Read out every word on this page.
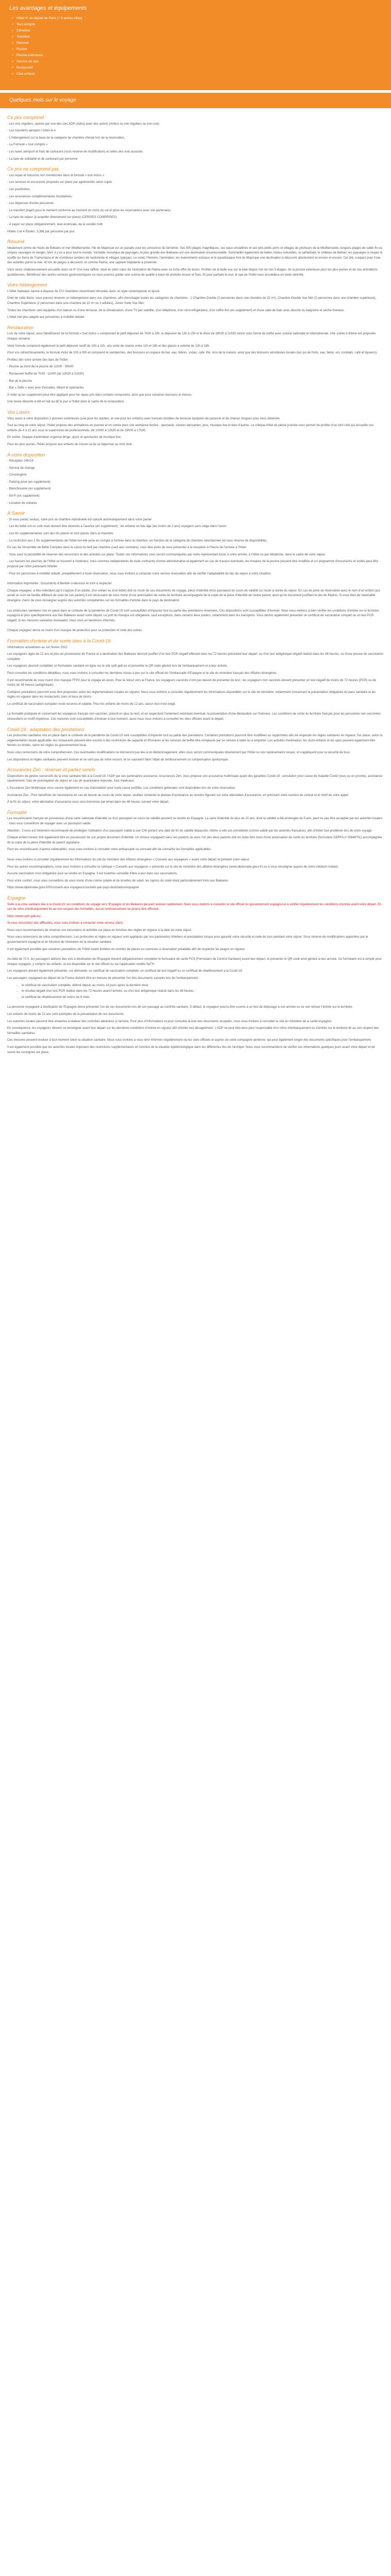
Les avantages et équipements
✓ Hôtel 4* au départ de Paris (+ 9 autres villes)
✓ Tout compris
✓ Climatisé
✓ Transfert
✓ Pension
✓ Piscine
✓ Piscine extérieure
✓ Service de spa
✓ Restaurant
✓ Club enfants
Quelques mots sur le voyage
Ce prix comprend

- Les vols réguliers, opérés par une des cies ADP (Adria) avec des avions (Airbus ou non réguliers ou low cost)

- Les transferts aéroport / hôtel et A

- L'hébergement sur la base de la catégorie de chambre choisie lors de la réservation,

- La Formule « tout compris »

- Les taxes aéroport et frais de carburant (sous réserve de modification) et celles des vols associés

- La taxe de solidarité et de carburant par personne

Ce prix ne comprend pas

- Les repas et boissons non mentionnés dans la formule « tout inclus »

- Les services et excursions proposés sur place par agrémentés selon sujets

- Les pourboires,

- Les assurances complémentaires facultatives,

- Les dépenses d'ordre personnel,

- Le transfert (trajet) pour le moment conforme au moment du choix du vol et prise les réservations avec son partenaire,

- La taxe de séjour (à acquitter directement sur place) (CERISES COMPRISES)

- À payer sur place obligatoirement, taxe écolocale, de la société mdit

Hôtels 3 et 4 Étoiles: 3,39€ par personne par jour

Résumé

Idéalement (entre de Hauts de Bobains et mer Méditerranée, l'île de Majorque est un paradis pour les amoureux du farniente. Ses 500 plages magnifiques, ses eaux cristallines et ses jolis petits ports et villages de pêcheurs de la Méditerranée, longues plages de sable fin ou criques sauvages et vierges, bref, il y en a pour tout le monde. Véritable mosaïque de paysages, la plus grande des Baléares est une destination incontournable. Sommeiller également de belles visites culturelles, la cathédrale, le château de Bellver, les paysages à couper le souffle du Serra de Tramuntana et de nombreux sentiers de randonnée et villages typiques. Le soleil, l'histoire, l'animation, les événements estivaux et le paradisiaque font de Majorque une destination à découvrir absolument et encore et encore. Cet été, craquez pour l'une des activités parmi la mer, 40 km de plages à découvrir, et comme Palma, une capitale trépidante à proximité.

Vous serez chaleureusement accueillis dans ce 4* d'un luxe raffiné, situé en plein cœur de l'animation de Palma avec sa riche offre de loisirs. Profitez de la belle vue sur la baie depuis l'un de nos 5 étages, de la piscine extérieure pour les plus jeunes et de nos animations quotidiennes. Bénéficiez des autres services gastronomiques où vous pourrez goûter une cuisine de qualité à base de produits locaux et frais. Et pour parfaire le tout, le spa de l'hôtel vous accueillera en toute sérénité.

Votre hébergement

L'hôtel Saboabo Jaume à dispose de 372 chambres récemment rénovées dans un style contemporain et épuré.

Doté de cette literie, vous pouvez réserver un hébergement dans nos chambres, afin d'envisager toutes les catégories de chambres : 1 Chambre Double (2 personnes dans une chambre de 22 m²), Chambre Double Vue Mer (2 personnes dans une chambre supérieure), Chambre Supérieure (2 personnes dans une chambre de 22 m² ou 3 adultes), Junior Suite Vue Mer.

Toutes les chambres sont équipées d'un balcon ou d'une terrasse, de la climatisation, d'une TV par satellite, d'un téléphone, d'un mini-réfrigérateur, d'un coffre-fort (en supplément) et d'une salle de bain avec douche ou baignoire et sèche-cheveux.

L'hôtel met peu adapté aux personnes à mobilité réduite.

Restauration

Lors de votre séjour, vous bénéficierez de la formule « tout inclus » comprenant le petit déjeuner de 7h30 à 10h, le déjeuner de 13h à 15h et le dîner de 19h30 à 21h30 servis sous forme de buffet avec cuisine nationale et internationale. Une soirée à thème est proposée chaque semaine.

Votre formule comprend également le petit déjeuner tardif de 10h à 11h, une sorte de snacks entre 11h et 18h et des glaces à volonté de 12h à 18h.

Pour vos rafraîchissements, la formule inclut de 10h à 00h et comprend le sandwiches, des boissons en espace du bar, eau, bières, sodas, café, thé, vins de la maison, ainsi que des boissons alcoolisées locales (les jus de fruits, eau, bière, vin, cocktails, café et liqueurs).

Profitez dès votre arrivée des bars de l'hôtel :

- Piscine au bord de la piscine de 11h00 - 00h00

- Restaurant buffet de 7h30 - 11h00 (de 13h30 à 21h30)

- Bar de la piscine

- Bar « Sello » avec jeux d'arcades, billard et spectacles

À noter qu'un supplément peut être appliqué pour les repas pris dans certains restaurants, ainsi que pour certaines boissons et menus.

Une tenue décente à été en fait au dit le jour à l'hôtel dans le cadre de la restauration.

Vos Loisirs

Vous aurez à votre disposition 2 piscines extérieures (une pour les adultes, et une pour les enfants) avec transats bordées de terrasse équipées de parasols et de chaises longues pour vous détendre.

Tout au long de votre séjour, l'hôtel propose des animations en journée et en soirée pour une ambiance festive : spectacle, soirées dansantes, jeux, musique live et bien d'autres. Le chèque-hôtel de pleine journée vous permet de profiter d'un mini club qui accueille vos enfants de 4 à 12 ans sous la supervision de professionnels, de 10h00 à 12h30 et de 15h00 à 17h30.

En soirée, l'équipe d'animation organise bingo, quizz et spectacles de musique live.

Pour les plus jeunes, l'hôtel propose aux enfants de trouver et de se dépenser au mini club.

À votre disposition

- Réception 24h/24

- Service de change

- Conciergerie

- Parking privé (en supplément)

- Blanchisserie (en supplément)

- Wi-Fi (en supplément)

- Location de voitures

À Savoir

- Si vous partez seul(e), votre prix se chambre individuelle est calculé automatiquement dans votre panier

- Les lits bébé ont un coût mais doivent être réservés à l'avance (en supplément) ; les enfants en bas âge (les moins de 2 ans) voyagent sans siège dans l'avion

- Les lits supplémentaires sont des lits pliants et sont placés dans la chambre

- La restriction aux 2 lits supplémentaires de l'hôtel est-elle prise en compte à l'entrée dans la chambre, en fonction de la catégorie de chambre sélectionnée (et sous réserve de disponibilité).

En cas de l'ensemble de Bébé Comptés dans le calcul du tarif par chambre (sauf avis contraire), vous êtes priés de vous présenter à la réception à l'heure de l'arrivée à l'hôtel.

- Vous avez la possibilité de réserver des excursions et des activités sur place. Toutes ces informations vous seront communiquées par notre représentant local, à votre arrivée, à l'hôtel ou par téléphone, dans le cadre de votre séjour.

- Les bassins les piscines de l'hôtel se trouvent à l'extérieur, nous sommes indépendants de toute contrainte d'ordre administrative et également en cas de travaux éventuels, les horaires de la piscine peuvent être modifiés et un programme d'excursions et visites peut être proposé par notre partenaire hôtelier.

- Pour les personnes à mobilité réduite, préalablement à toute réservation, nous vous invitons à contacter notre service réservation afin de vérifier l'adaptabilité du lieu de séjour à votre situation.

Information importante : Documents d'identité ci-dessous et sont à respecter

Chaque voyageur, à titre individuel (qu'il s'agisse d'un adulte, d'un enfant ou d'un bébé) doit se munir de ses documents de voyage, pièce d'identité et/ou passeport en cours de validité sur toute la durée du séjour. En cas de prise de réservation avec le nom d'un enfant (qui aurait un nom de famille différent de celui de son parent) il est nécessaire de vous munir d'une autorisation de sortie de territoire accompagnée de la copie de la pièce d'identité de l'autre parent, ainsi qu'un document justifiant le lien de filiation. Si vous êtes de nationalité étrangère, merci de vous renseigner auprès des autorités compétentes sur les formalités d'entrée dans le pays de destination.

Les protocoles sanitaires mis en place dans le contexte de la pandémie de Covid-19 sont susceptibles d'impacter tout ou partie des prestations réservées. Ces dispositions sont susceptibles d'évoluer. Nous vous invitons à bien vérifier les conditions d'entrée sur le territoire espagnol et plus spécifiquement aux îles Baléares avant votre départ. Le port du masque est obligatoire, sauf exceptions, dans certains lieux publics, notamment dans les transports. Vous devrez également présenter un certificat de vaccination complet ou un test PCR négatif. Si les mesures sanitaires évoluaient, nous vous en tiendrions informés.

Chaque voyageur devra se munir d'un masque de protection pour sa protection et celle des autres.

Formalités d'entrée et de sortie liées à la Covid-19

Informations actualisées au 1er février 2022

Les voyageurs âgés de 12 ans et plus en provenance de France et à destination des Baléares devront justifier d'un test PCR négatif effectué dans les 72 heures précédant leur départ, ou d'un test antigénique négatif réalisé dans les 48 heures, ou d'une preuve de vaccination complète.

Les voyageurs devront compléter un formulaire sanitaire en ligne sur le site spth.gob.es et présenter le QR code généré lors de l'embarquement et à leur arrivée.

Pour consulter les conditions détaillées, nous vous invitons à consulter les dernières mises à jour sur le site officiel de l'Ambassade d'Espagne et le site du ministère français des Affaires étrangères.

Il est recommandé de vous munir d'un masque FFP2 pour le voyage en avion. Pour le retour vers la France, les voyageurs vaccinés n'ont pas besoin de présenter de test ; les voyageurs non vaccinés doivent présenter un test négatif de moins de 72 heures (PCR) ou de moins de 48 heures (antigénique).

Certaines prestations pourront vous être proposées selon les réglementations locales en vigueur. Nous vous invitons à consulter régulièrement les informations disponibles sur le site du ministère, notamment concernant la présentation obligatoire du pass sanitaire et les règles en vigueur dans les restaurants, bars et lieux de loisirs.

Le certificat de vaccination européen reste reconnu et valable. Pour les enfants de moins de 12 ans, aucun test n'est exigé.

La formalité pratiquée et concernant les voyageurs français non vaccinés, prévoit en plus du test, et en respectant l'isolement volontaire éventuel, la présentation d'une déclaration sur l'honneur. Les conditions de sortie du territoire français pour les personnes non vaccinées nécessitent un motif impérieux. Ces mesures sont susceptibles d'évoluer à tout moment, aussi nous vous invitons à consulter les sites officiels avant le départ.

Covid-19 : adaptation des prestations

Les protocoles sanitaires mis en place dans le contexte de la pandémie de Covid-19 sont susceptibles d'impacter tout ou partie des prestations. Certaines prestations pourront être modifiées ou supprimées afin de respecter les règles sanitaires en vigueur. Sur place, selon la réglementation locale applicable, les restaurants peuvent être soumis à des restrictions de capacité et d'horaires et les services de buffet être remplacés par un service à table ou à emporter. Les activités d'animation, les clubs enfants et les spas peuvent également être fermés ou limités, selon les règles du gouvernement local.

Nous vous remercions de votre compréhension. Ces éventuelles modifications ne donneront pas lieu à un dédommagement, elles vous seront communiquées directement par l'hôtel ou nos représentants locaux, et s'appliquent pour la sécurité de tous.

Les dispositions et règles sanitaires peuvent évoluer et ne sont pas de notre ressort, et ne sauraient faire l'objet de remboursement ou compensation quelconque.

Assurances Zen : réserver et partez serein

Dispositions de gestes successifs de la crise sanitaire liée à la Covid-19, l'ADP par ses partenaires assurance, Assurances Zen, vous propose une assurance multirisque ayant des garanties Covid-19 : annulation pour cause de maladie Covid (vous ou un proche), assistance rapatriement, frais de prolongation de séjour en cas de quarantaine imposée, frais médicaux.

L'Assurance Zen Multirisque vous couvre également en cas d'annulation pour toute cause justifiée. Les conditions générales sont disponibles lors de votre réservation.

Assistance Zen : Pour bénéficier de l'assistance en cas de besoin au cours de votre séjour, veuillez contacter le plateau d'assistance au numéro figurant sur votre attestation d'assurance, en précisant votre numéro de contrat et le motif de votre appel.

À la fin du séjour, votre attestation d'assurance vous sera transmise par email dans les 48 heures suivant votre départ.

Formalité

Les ressortissants français en possession d'une carte nationale d'identité ou d'un passeport en cours de validité peuvent se rendre en Espagne. La carte d'identité de plus de 10 ans, dont la validité a été prolongée de 5 ans, peut ne pas être acceptée par les autorités locales ; nous vous conseillons de voyager avec un passeport valide.

Attention : il vous est fortement recommandé de privilégier l'utilisation d'un passeport valide à une CNI portant une date de fin de validité dépassée, même si elle est considérée comme valide par les autorités françaises, afin d'éviter tout problème lors de votre voyage.

Chaque enfant mineur doit également être en possession de son propre document d'identité. Un mineur voyageant sans ses parents ou avec l'un des deux parents doit en outre être muni d'une autorisation de sortie du territoire (formulaire CERFA n°15646*01) accompagnée de la copie de la pièce d'identité du parent signataire.

Pour les ressortissants d'autres nationalités, nous vous invitons à consulter votre ambassade ou consulat afin de connaître les formalités applicables.

Nous vous invitons à consulter régulièrement les informations du site du ministère des Affaires étrangères « Conseils aux voyageurs » avant votre départ et pendant votre séjour.

Pour les autres recommandations, nous vous invitons à consulter la rubrique « Conseils aux voyageurs » présente sur le site du ministère des affaires étrangères (www.diplomatie.gouv.fr) ou à vous renseigner auprès de votre médecin traitant.

Aucune vaccination n'est obligatoire pour se rendre en Espagne. Il est toutefois conseillé d'être à jour dans ses vaccinations.

Pour votre confort, nous vous conseillons de vous munir d'une crème solaire et de lunettes de soleil, les rayons du soleil étant particulièrement forts aux Baléares.

https://www.diplomatie.gouv.fr/fr/conseils-aux-voyageurs/conseils-par-pays-destination/espagne/

Espagne

Suite à la crise sanitaire liée à la Covid-19, les conditions de voyage vers l'Espagne et les Baléares peuvent évoluer rapidement. Nous vous invitons à consulter le site officiel du gouvernement espagnol et à vérifier régulièrement les conditions d'entrée avant votre départ. En cas de refus d'embarquement lié au non-respect des formalités, aucun remboursement ne pourra être effectué.

https://www.spth.gob.es/

Si vous rencontrez des difficultés, nous vous invitons à contacter notre service client.

Nous vous recommandons de réserver vos excursions et activités sur place en fonction des règles en vigueur à la date de votre séjour.

Nous vous remercions de votre compréhension. Les protocoles et règles en vigueur sont appliqués par nos partenaires hôteliers et prestataires locaux pour garantir votre sécurité et celle de tous pendant votre séjour. Sous réserve de modifications apportées par le gouvernement espagnol et en fonction de l'évolution de la situation sanitaire.

Il est également possible que certaines prestations de l'hôtel soient limitées en nombre de places ou soumises à réservation préalable afin de respecter les jauges en vigueur.

Au-delà de 72 h, les passagers aériens des vols à destination de l'Espagne doivent obligatoirement compléter le formulaire de santé FCS (Formulario de Control Sanitario) avant leur départ, et présenter le QR code ainsi généré à leur arrivée. Ce formulaire est à remplir pour chaque voyageur, y compris les enfants, et est disponible sur le site officiel ou via l'application mobile SpTH.

Les voyageurs doivent également présenter, sur demande, un certificat de vaccination complète, un certificat de test négatif ou un certificat de rétablissement à la Covid-19.

Les passagers voyageant au départ de la France doivent être en mesure de présenter l'un des documents suivants lors de l'embarquement :

• le certificat de vaccination complète, délivré depuis au moins 14 jours après la dernière dose ;
• le résultat négatif d'un test PCR réalisé dans les 72 heures avant l'arrivée, ou d'un test antigénique réalisé dans les 48 heures ;
• le certificat de rétablissement de moins de 6 mois.

La personne voyageant à destination de l'Espagne devra présenter l'un de ces documents lors de son passage au contrôle sanitaire. À défaut, le voyageur pourra être soumis à un test de dépistage à son arrivée ou se voir refuser l'entrée sur le territoire.

Les enfants de moins de 12 ans sont exemptés de la présentation de ces documents.

Les autorités locales peuvent être amenées à réaliser des contrôles aléatoires à l'arrivée. Pour plus d'informations et pour consulter la liste des documents acceptés, nous vous invitons à consulter le site du ministère de la santé espagnol.

En conséquence, les voyageurs doivent se renseigner avant leur départ sur les dernières conditions d'entrée en vigueur afin d'éviter tout désagrément. L'ADP ne peut être tenu pour responsable d'un refus d'embarquement ou d'entrée sur le territoire lié au non-respect des formalités sanitaires.

Ces mesures peuvent évoluer à tout moment selon la situation sanitaire. Nous vous invitons à vous tenir informés régulièrement via les sites officiels et auprès de votre compagnie aérienne, qui peut également exiger des documents spécifiques pour l'embarquement.

Il est également possible que les autorités locales imposent des restrictions supplémentaires en fonction de la situation épidémiologique dans les différentes îles de l'archipel. Nous vous recommandons de vérifier ces informations quelques jours avant votre départ et de suivre les consignes sur place.
